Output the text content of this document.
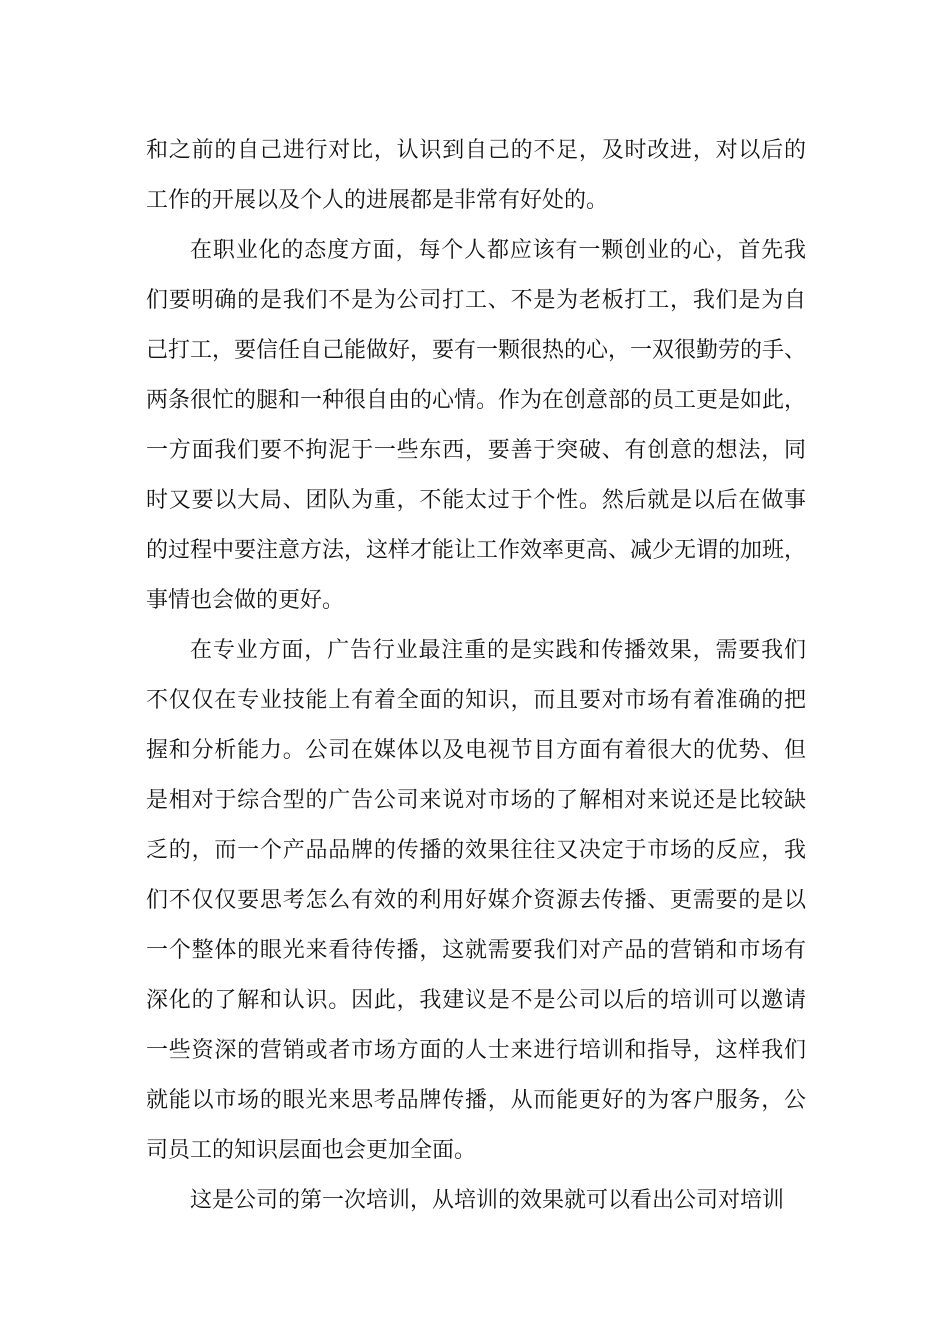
和之前的自己进行对比，认识到自己的不足，及时改进，对以后的
工作的开展以及个人的进展都是非常有好处的。

在职业化的态度方面，每个人都应该有一颗创业的心，首先我
们要明确的是我们不是为公司打工、不是为老板打工，我们是为自
己打工，要信任自己能做好，要有一颗很热的心，一双很勤劳的手、
两条很忙的腿和一种很自由的心情。作为在创意部的员工更是如此，
一方面我们要不拘泥于一些东西，要善于突破、有创意的想法，同
时又要以大局、团队为重，不能太过于个性。然后就是以后在做事
的过程中要注意方法，这样才能让工作效率更高、减少无谓的加班，
事情也会做的更好。

在专业方面，广告行业最注重的是实践和传播效果，需要我们
不仅仅在专业技能上有着全面的知识，而且要对市场有着准确的把
握和分析能力。公司在媒体以及电视节目方面有着很大的优势、但
是相对于综合型的广告公司来说对市场的了解相对来说还是比较缺
乏的，而一个产品品牌的传播的效果往往又决定于市场的反应，我
们不仅仅要思考怎么有效的利用好媒介资源去传播、更需要的是以
一个整体的眼光来看待传播，这就需要我们对产品的营销和市场有
深化的了解和认识。因此，我建议是不是公司以后的培训可以邀请
一些资深的营销或者市场方面的人士来进行培训和指导，这样我们
就能以市场的眼光来思考品牌传播，从而能更好的为客户服务，公
司员工的知识层面也会更加全面。

这是公司的第一次培训，从培训的效果就可以看出公司对培训
